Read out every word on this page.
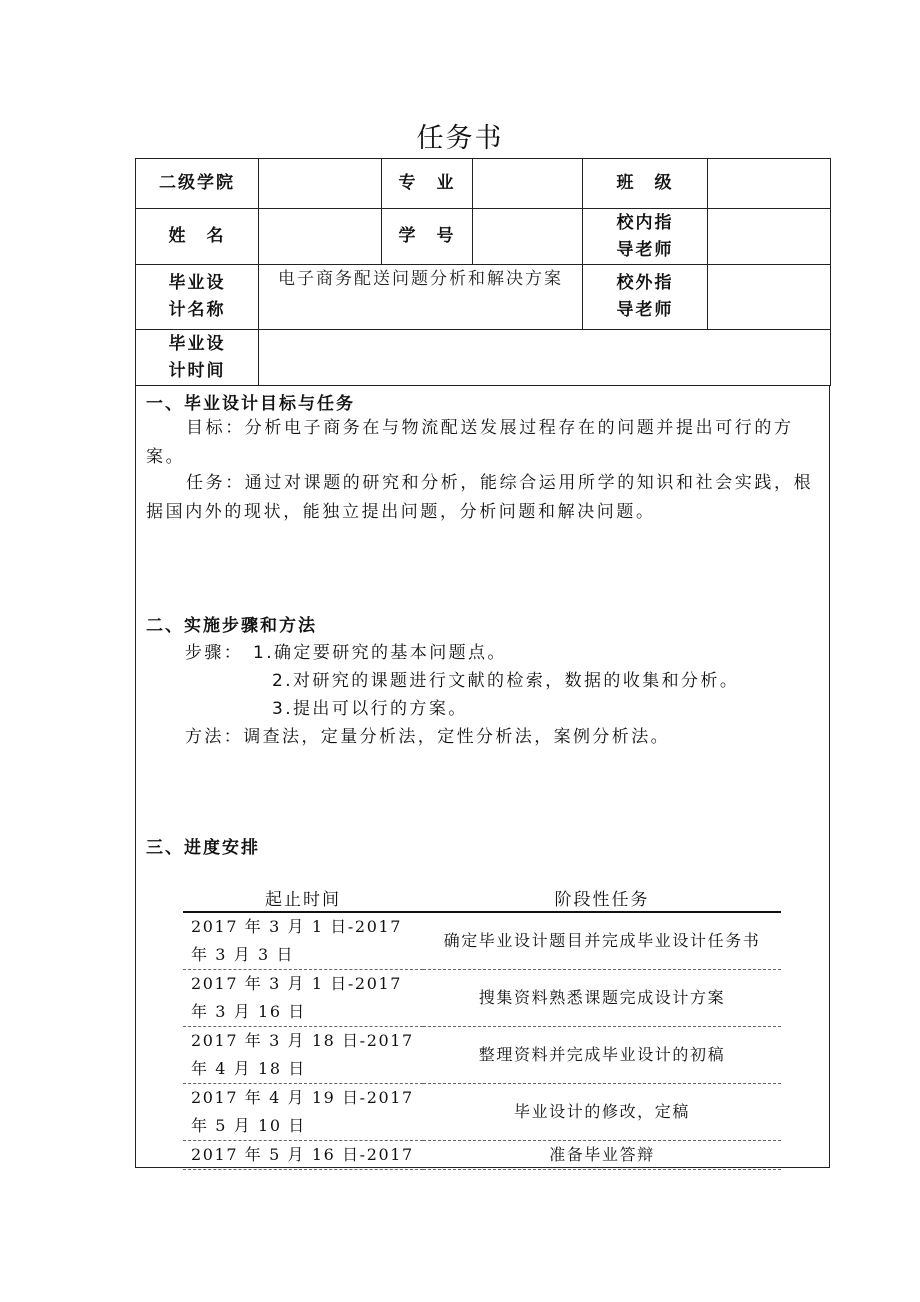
任务书
二级学院		专　业		班　级	
姓　名		学　号		校内指导老师	
毕业设计名称	电子商务配送问题分析和解决方案			校外指导老师	
毕业设计时间					
一、毕业设计目标与任务

目标：分析电子商务在与物流配送发展过程存在的问题并提出可行的方案。

任务：通过对课题的研究和分析，能综合运用所学的知识和社会实践，根据国内外的现状，能独立提出问题，分析问题和解决问题。

二、实施步骤和方法
步骤： 1.确定要研究的基本问题点。
2.对研究的课题进行文献的检索，数据的收集和分析。
3.提出可以行的方案。
方法：调查法，定量分析法，定性分析法，案例分析法。
三、进度安排
起止时间	阶段性任务
2017 年 3 月 1 日-2017 年 3 月 3 日	确定毕业设计题目并完成毕业设计任务书
2017 年 3 月 1 日-2017 年 3 月 16 日	搜集资料熟悉课题完成设计方案
2017 年 3 月 18 日-2017 年 4 月 18 日	整理资料并完成毕业设计的初稿
2017 年 4 月 19 日-2017 年 5 月 10 日	毕业设计的修改，定稿
2017 年 5 月 16 日-2017	准备毕业答辩
